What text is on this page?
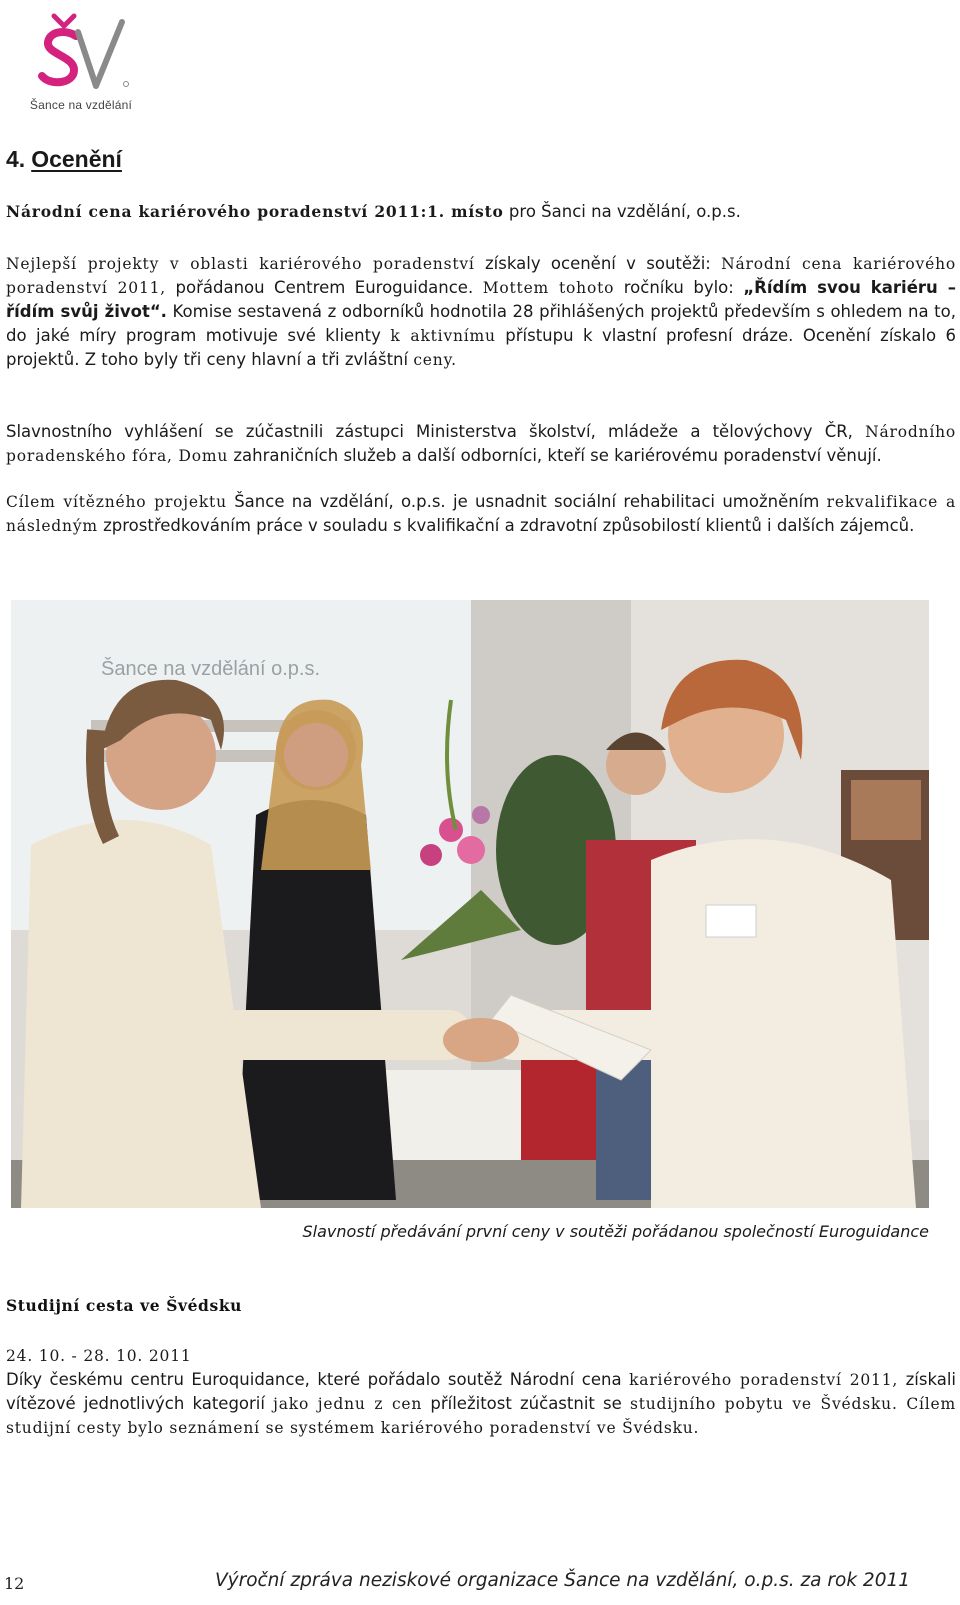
Šance na vzdělání
4. Ocenění
Národní cena kariérového poradenství 2011:1. místo pro Šanci na vzdělání, o.p.s.
Nejlepší projekty v oblasti kariérového poradenství získaly ocenění v soutěži: Národní cena kariérového poradenství 2011, pořádanou Centrem Euroguidance. Mottem tohoto ročníku bylo: „Řídím svou kariéru – řídím svůj život“. Komise sestavená z odborníků hodnotila 28 přihlášených projektů především s ohledem na to, do jaké míry program motivuje své klienty k aktivnímu přístupu k vlastní profesní dráze. Ocenění získalo 6 projektů. Z toho byly tři ceny hlavní a tři zvláštní ceny.
Slavnostního vyhlášení se zúčastnili zástupci Ministerstva školství, mládeže a tělovýchovy ČR, Národního poradenského fóra, Domu zahraničních služeb a další odborníci, kteří se kariérovému poradenství věnují.
Cílem vítězného projektu Šance na vzdělání, o.p.s. je usnadnit sociální rehabilitaci umožněním rekvalifikace a následným zprostředkováním práce v souladu s kvalifikační a zdravotní způsobilostí klientů i dalších zájemců.
Šance na vzdělání o.p.s.
Slavností předávání první ceny v soutěži pořádanou společností Euroguidance
Studijní cesta ve Švédsku
24. 10. - 28. 10. 2011
Díky českému centru Euroquidance, které pořádalo soutěž Národní cena kariérového poradenství 2011, získali vítězové jednotlivých kategorií jako jednu z cen příležitost zúčastnit se studijního pobytu ve Švédsku. Cílem studijní cesty bylo seznámení se systémem kariérového poradenství ve Švédsku.
12	Výroční zpráva neziskové organizace Šance na vzdělání, o.p.s. za rok 2011
